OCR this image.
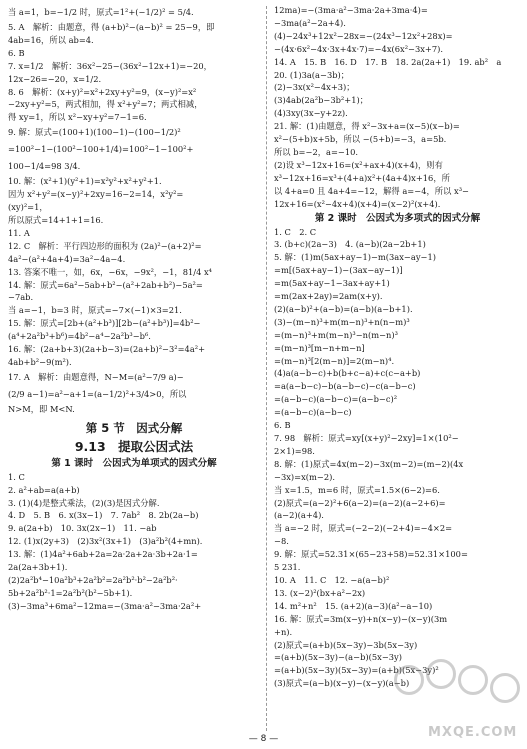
当 a=1，b=−1/2 时，原式=1²+(−1/2)² = 5/4.
5. A　解析：由题意，得 (a+b)²−(a−b)² = 25−9，即
4ab=16，所以 ab=4.
6. B
7. x=1/2　解析：36x²−25−(36x²−12x+1)=−20，
12x−26=−20，x=1/2.
8. 6　解析：(x+y)²=x²+2xy+y²=9，(x−y)²=x²
−2xy+y²=5，两式相加，得 x²+y²=7；两式相减，
得 xy=1，所以 x²−xy+y²=7−1=6.
9. 解：原式=(100+1)(100−1)−(100−1/2)²
=100²−1−(100²−100+1/4)=100²−1−100²+
100−1/4=98 3/4.
10. 解：(x²+1)(y²+1)=x²y²+x²+y²+1.
因为 x²+y²=(x−y)²+2xy=16−2=14，x²y²=
(xy)²=1，
所以原式=14+1+1=16.
11. A
12. C　解析：平行四边形的面积为 (2a)²−(a+2)²=
4a²−(a²+4a+4)=3a²−4a−4.
13. 答案不唯一，如，6x，−6x，−9x²，−1，81/4 x⁴
14. 解：原式=6a²−5ab+b²−(a²+2ab+b²)−5a²=
−7ab.
当 a=−1，b=3 时，原式=−7×(−1)×3=21.
15. 解：原式=[2b+(a²+b³)][2b−(a²+b³)]=4b²−
(a⁴+2a²b³+b⁶)=4b²−a⁴−2a²b³−b⁶.
16. 解：(2a+b+3)(2a+b−3)=(2a+b)²−3²=4a²+
4ab+b²−9(m²).
17. A　解析：由题意得，N−M=(a²−7/9 a)−
(2/9 a−1)=a²−a+1=(a−1/2)²+3/4>0，所以
N>M，即 M<N.
第 5 节　因式分解
9.13　提取公因式法
第 1 课时　公因式为单项式的因式分解
1. C
2. a²+ab=a(a+b)
3. (1)(4)是整式乘法，(2)(3)是因式分解.
4. D　5. B　6. x(3x−1)　7. 7ab²　8. 2b(2a−b)
9. a(2a+b)　10. 3x(2x−1)　11. −ab
12. (1)x(2y+3)　(2)3x²(3x+1)　(3)a²b²(4+mn).
13. 解：(1)4a²+6ab+2a=2a·2a+2a·3b+2a·1=
2a(2a+3b+1).
(2)2a²b⁴−10a²b³+2a²b²=2a²b²·b²−2a²b²·
5b+2a²b²·1=2a²b²(b²−5b+1).
(3)−3ma³+6ma²−12ma=−(3ma·a²−3ma·2a²+
12ma)=−(3ma·a²−3ma·2a+3ma·4)=
−3ma(a²−2a+4).
(4)−24x³+12x²−28x=−(24x³−12x²+28x)=
−(4x·6x²−4x·3x+4x·7)=−4x(6x²−3x+7).
14. A　15. B　16. D　17. B　18. 2a(2a+1)　19. ab²　a
20. (1)3a(a−3b)；
(2)−3x(x²−4x+3)；
(3)4ab(2a²b−3b²+1)；
(4)3xy(3x−y+2z).
21. 解：(1)由题意，得 x²−3x+a=(x−5)(x−b)=
x²−(5+b)x+5b，所以 −(5+b)=−3，a=5b.
所以 b=−2，a=−10.
(2)设 x³−12x+16=(x²+ax+4)(x+4)，则有
x³−12x+16=x³+(4+a)x²+(4a+4)x+16，所
以 4+a=0 且 4a+4=−12，解得 a=−4，所以 x³−
12x+16=(x²−4x+4)(x+4)=(x−2)²(x+4).
第 2 课时　公因式为多项式的因式分解
1. C　2. C
3. (b+c)(2a−3)　4. (a−b)(2a−2b+1)
5. 解：(1)m(5ax+ay−1)−m(3ax−ay−1)
=m[(5ax+ay−1)−(3ax−ay−1)]
=m(5ax+ay−1−3ax+ay+1)
=m(2ax+2ay)=2am(x+y).
(2)(a−b)²+(a−b)=(a−b)(a−b+1).
(3)−(m−n)³+m(m−n)³+n(n−m)³
=(m−n)³+m(m−n)³−n(m−n)³
=(m−n)³[m−n+m−n]
=(m−n)³[2(m−n)]=2(m−n)⁴.
(4)a(a−b−c)+b(b+c−a)+c(c−a+b)
=a(a−b−c)−b(a−b−c)−c(a−b−c)
=(a−b−c)(a−b−c)=(a−b−c)²
=(a−b−c)(a−b−c)
6. B
7. 98　解析：原式=xy[(x+y)²−2xy]=1×(10²−
2×1)=98.
8. 解：(1)原式=4x(m−2)−3x(m−2)=(m−2)(4x
−3x)=x(m−2).
当 x=1.5，m=6 时，原式=1.5×(6−2)=6.
(2)原式=(a−2)²+6(a−2)=(a−2)(a−2+6)=
(a−2)(a+4).
当 a=−2 时，原式=(−2−2)(−2+4)=−4×2=
−8.
9. 解：原式=52.31×(65−23+58)=52.31×100=
5 231.
10. A　11. C　12. −a(a−b)²
13. (x−2)²(bx+a²−2x)
14. m²+n²　15. (a+2)(a−3)(a²−a−10)
16. 解：原式=3m(x−y)+n(x−y)−(x−y)(3m
+n).
(2)原式=(a+b)(5x−3y)−3b(5x−3y)
=(a+b)(5x−3y)−(a−b)(5x−3y)
=(a+b)(5x−3y)(5x−3y)=(a+b)(5x−3y)²
(3)原式=(a−b)(x−y)−(x−y)(a−b)
— 8 —	MXQE.COM
